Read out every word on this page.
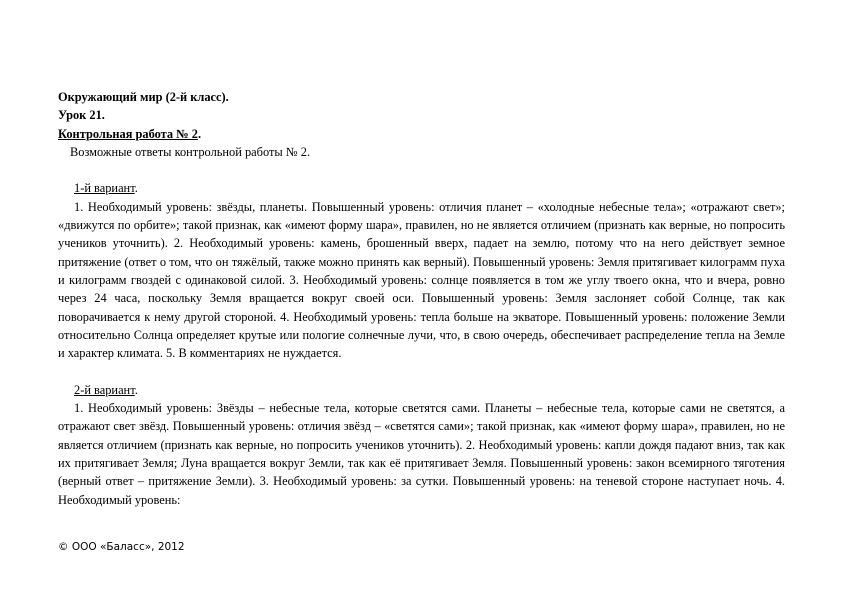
Окружающий мир (2-й класс).

Урок 21.

Контрольная работа № 2.

Возможные ответы контрольной работы № 2.

1-й вариант.

1. Необходимый уровень: звёзды, планеты. Повышенный уровень: отличия планет – «холодные небесные тела»; «отражают свет»; «движутся по орбите»; такой признак, как «имеют форму шара», правилен, но не является отличием (признать как верные, но попросить учеников уточнить). 2. Необходимый уровень: камень, брошенный вверх, падает на землю, потому что на него действует земное притяжение (ответ о том, что он тяжёлый, также можно принять как верный). Повышенный уровень: Земля притягивает килограмм пуха и килограмм гвоздей с одинаковой силой. 3. Необходимый уровень: солнце появляется в том же углу твоего окна, что и вчера, ровно через 24 часа, поскольку Земля вращается вокруг своей оси. Повышенный уровень: Земля заслоняет собой Солнце, так как поворачивается к нему другой стороной. 4. Необходимый уровень: тепла больше на экваторе. Повышенный уровень: положение Земли относительно Солнца определяет крутые или пологие солнечные лучи, что, в свою очередь, обеспечивает распределение тепла на Земле и характер климата. 5. В комментариях не нуждается.

2-й вариант.

1. Необходимый уровень: Звёзды – небесные тела, которые светятся сами. Планеты – небесные тела, которые сами не светятся, а отражают свет звёзд. Повышенный уровень: отличия звёзд – «светятся сами»; такой признак, как «имеют форму шара», правилен, но не является отличием (признать как верные, но попросить учеников уточнить). 2. Необходимый уровень: капли дождя падают вниз, так как их притягивает Земля; Луна вращается вокруг Земли, так как её притягивает Земля. Повышенный уровень: закон всемирного тяготения (верный ответ – притяжение Земли). 3. Необходимый уровень: за сутки. Повышенный уровень: на теневой стороне наступает ночь. 4. Необходимый уровень:

© ООО «Баласс», 2012
